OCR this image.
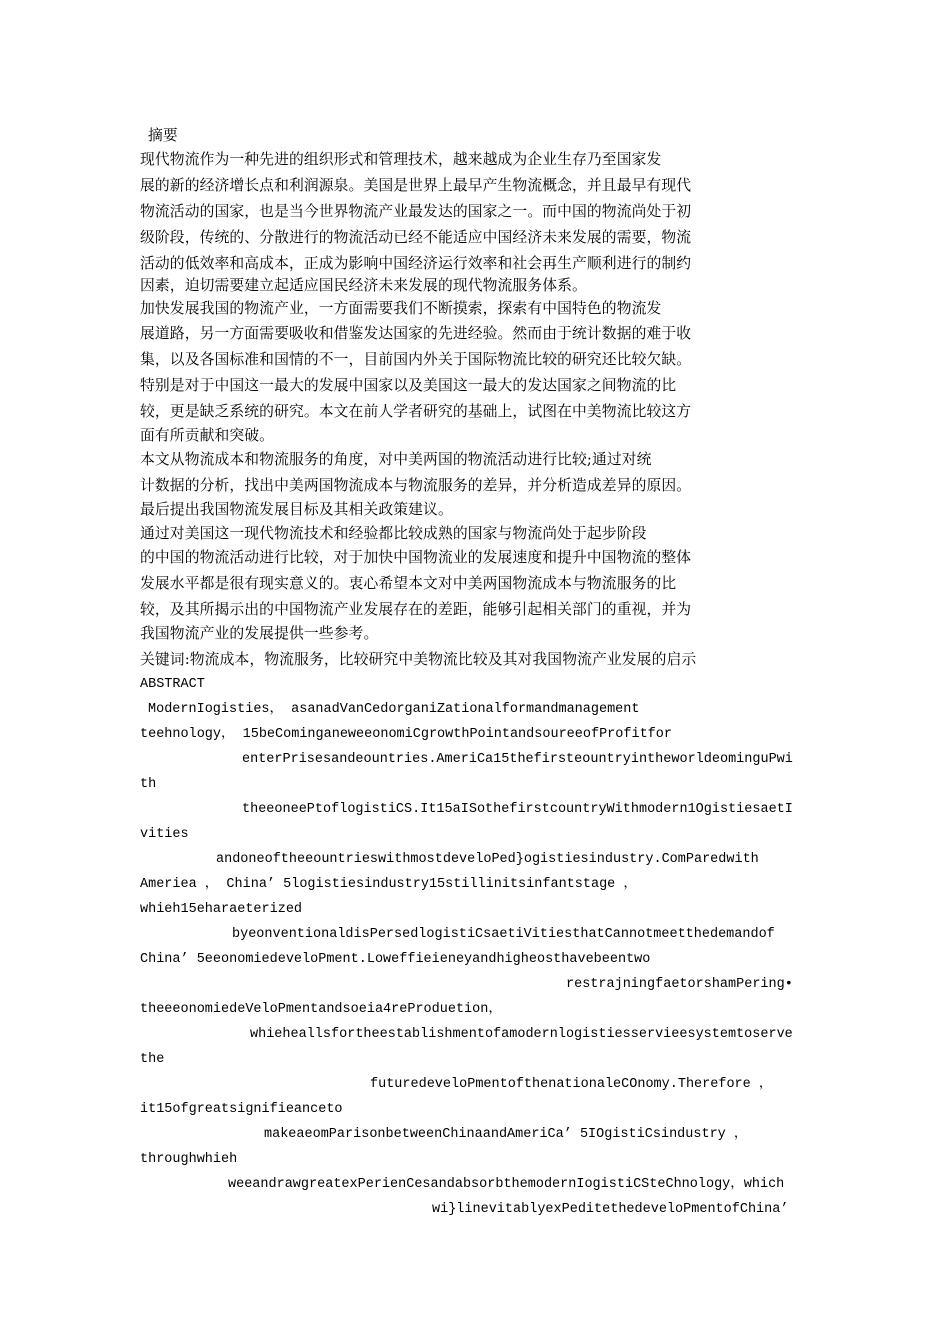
摘要
现代物流作为一种先进的组织形式和管理技术，越来越成为企业生存乃至国家发
展的新的经济增长点和利润源泉。美国是世界上最早产生物流概念，并且最早有现代
物流活动的国家，也是当今世界物流产业最发达的国家之一。而中国的物流尚处于初
级阶段，传统的、分散进行的物流活动已经不能适应中国经济未来发展的需要，物流
活动的低效率和高成本，正成为影响中国经济运行效率和社会再生产顺利进行的制约
因素，迫切需要建立起适应国民经济未来发展的现代物流服务体系。
加快发展我国的物流产业，一方面需要我们不断摸索，探索有中国特色的物流发
展道路，另一方面需要吸收和借鉴发达国家的先进经验。然而由于统计数据的难于收
集，以及各国标准和国情的不一，目前国内外关于国际物流比较的研究还比较欠缺。
特别是对于中国这一最大的发展中国家以及美国这一最大的发达国家之间物流的比
较，更是缺乏系统的研究。本文在前人学者研究的基础上，试图在中美物流比较这方
面有所贡献和突破。
本文从物流成本和物流服务的角度，对中美两国的物流活动进行比较;通过对统
计数据的分析，找出中美两国物流成本与物流服务的差异，并分析造成差异的原因。
最后提出我国物流发展目标及其相关政策建议。
通过对美国这一现代物流技术和经验都比较成熟的国家与物流尚处于起步阶段
的中国的物流活动进行比较，对于加快中国物流业的发展速度和提升中国物流的整体
发展水平都是很有现实意义的。衷心希望本文对中美两国物流成本与物流服务的比
较，及其所揭示出的中国物流产业发展存在的差距，能够引起相关部门的重视，并为
我国物流产业的发展提供一些参考。
关键词:物流成本，物流服务，比较研究中美物流比较及其对我国物流产业发展的启示
ABSTRACT
ModernIogisties， asanadVanCedorganiZationalformandmanagement
teehnology， 15beCominganeweeonomiCgrowthPointandsoureeofProfitfor
enterPrisesandeountries.AmeriCa15thefirsteountryintheworldeominguPwi
th
theeoneePtoflogistiCS.It15aISothefirstcountryWithmodern1OgistiesaetI
vities
andoneoftheeountrieswithmostdeveloPed}ogistiesindustry.ComParedwith
Ameriea ， China’ 5logistiesindustry15stillinitsinfantstage ，
whieh15eharaeterized
byeonventionaldisPersedlogistiCsaetiVitiesthatCannotmeetthedemandof
China’ 5eeonomiedeveloPment.Loweffieieneyandhigheosthavebeentwo
restrajningfaetorshamPering•
theeeonomiedeVeloPmentandsoeia4reProduetion，
whieheallsfortheestablishmentofamodernlogistiesservieesystemtoserve
the
futuredeveloPmentofthenationaleCOnomy.Therefore ，
it15ofgreatsignifieanceto
makeaeomParisonbetweenChinaandAmeriCa’ 5IOgistiCsindustry ，
throughwhieh
weeandrawgreatexPerienCesandabsorbthemodernIogistiCSteChnology，which
wi}linevitablyexPeditethedeveloPmentofChina’
